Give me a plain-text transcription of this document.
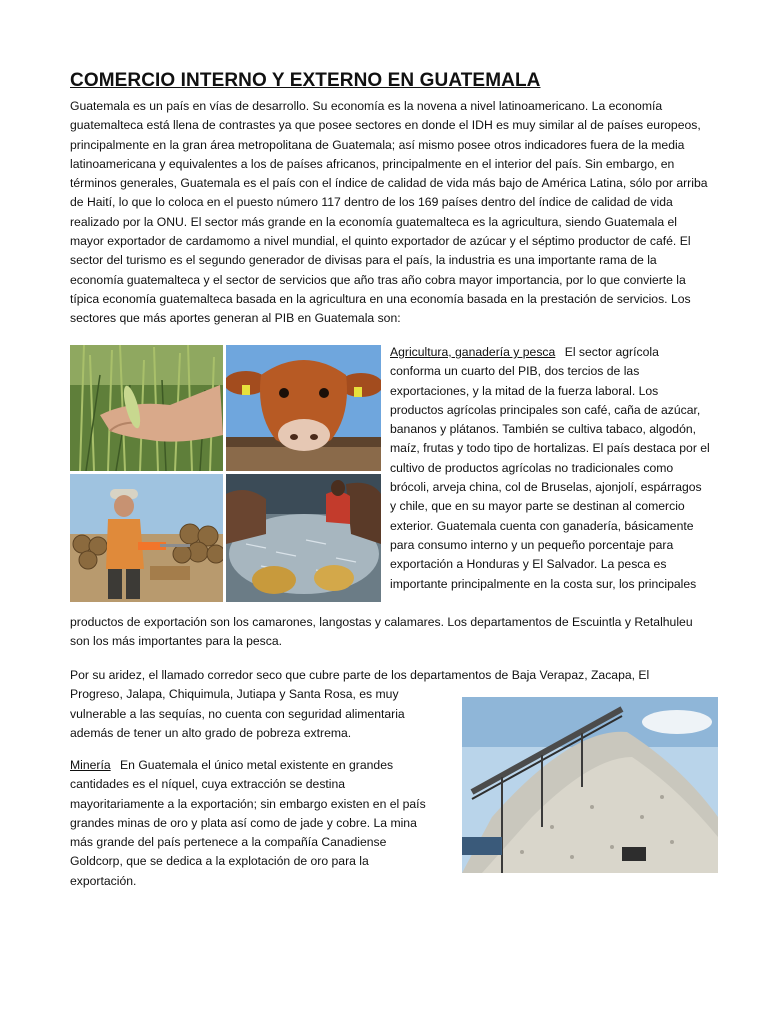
COMERCIO INTERNO Y EXTERNO EN GUATEMALA
Guatemala es un país en vías de desarrollo. Su economía es la novena a nivel latinoamericano. La economía guatemalteca está llena de contrastes ya que posee sectores en donde el IDH es muy similar al de países europeos, principalmente en la gran área metropolitana de Guatemala; así mismo posee otros indicadores fuera de la media latinoamericana y equivalentes a los de países africanos, principalmente en el interior del país. Sin embargo, en términos generales, Guatemala es el país con el índice de calidad de vida más bajo de América Latina, sólo por arriba de Haití, lo que lo coloca en el puesto número 117 dentro de los 169 países dentro del índice de calidad de vida realizado por la ONU. El sector más grande en la economía guatemalteca es la agricultura, siendo Guatemala el mayor exportador de cardamomo a nivel mundial, el quinto exportador de azúcar y el séptimo productor de café. El sector del turismo es el segundo generador de divisas para el país, la industria es una importante rama de la economía guatemalteca y el sector de servicios que año tras año cobra mayor importancia, por lo que convierte la típica economía guatemalteca basada en la agricultura en una economía basada en la prestación de servicios. Los sectores que más aportes generan al PIB en Guatemala son:
Agricultura, ganadería y pesca El sector agrícola conforma un cuarto del PIB, dos tercios de las exportaciones, y la mitad de la fuerza laboral. Los productos agrícolas principales son café, caña de azúcar, bananos y plátanos. También se cultiva tabaco, algodón, maíz, frutas y todo tipo de hortalizas. El país destaca por el cultivo de productos agrícolas no tradicionales como brócoli, arveja china, col de Bruselas, ajonjolí, espárragos y chile, que en su mayor parte se destinan al comercio exterior. Guatemala cuenta con ganadería, básicamente para consumo interno y un pequeño porcentaje para exportación a Honduras y El Salvador. La pesca es importante principalmente en la costa sur, los principales
productos de exportación son los camarones, langostas y calamares. Los departamentos de Escuintla y Retalhuleu son los más importantes para la pesca.
Por su aridez, el llamado corredor seco que cubre parte de los departamentos de Baja Verapaz, Zacapa, El Progreso, Jalapa, Chiquimula, Jutiapa y Santa Rosa, es muy
vulnerable a las sequías, no cuenta con seguridad alimentaria además de tener un alto grado de pobreza extrema.
Minería En Guatemala el único metal existente en grandes cantidades es el níquel, cuya extracción se destina mayoritariamente a la exportación; sin embargo existen en el país grandes minas de oro y plata así como de jade y cobre. La mina más grande del país pertenece a la compañía Canadiense Goldcorp, que se dedica a la explotación de oro para la exportación.
